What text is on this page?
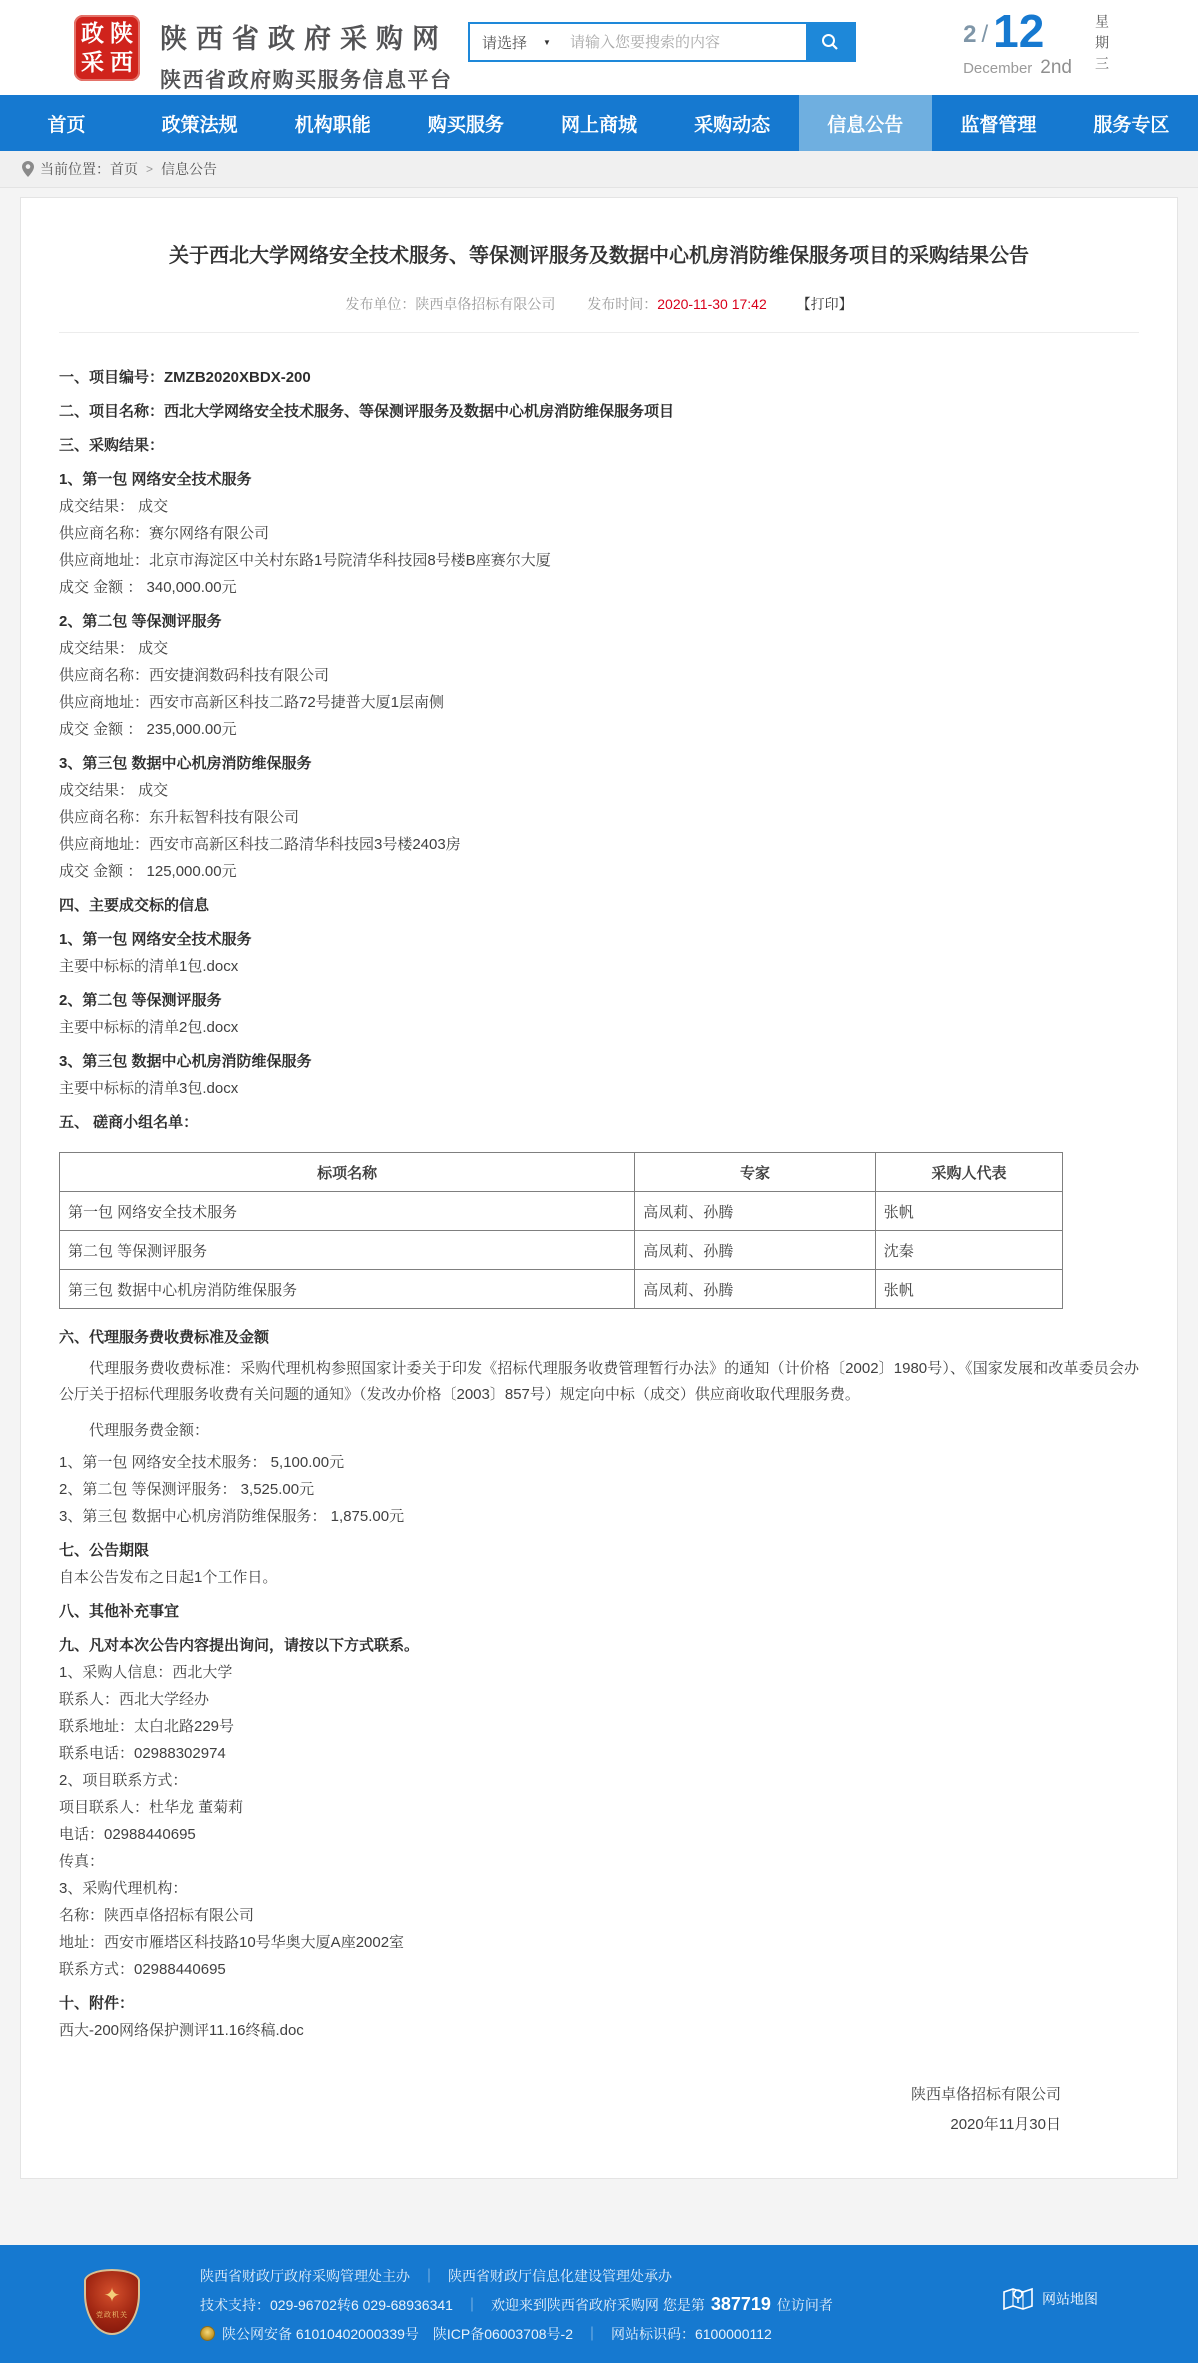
政 陕
采 西
陕西省政府采购网
陕西省政府购买服务信息平台
请选择 ▼
请输入您要搜索的内容	2 / 12
December 2nd 星期三
首页	政策法规	机构职能	购买服务	网上商城	采购动态	信息公告	监督管理	服务专区
当前位置： 首页 > 信息公告
关于西北大学网络安全技术服务、等保测评服务及数据中心机房消防维保服务项目的采购结果公告
发布单位：陕西卓佫招标有限公司 发布时间：2020-11-30 17:42 【打印】

一、项目编号：ZMZB2020XBDX-200

二、项目名称：西北大学网络安全技术服务、等保测评服务及数据中心机房消防维保服务项目

三、采购结果：

1、第一包 网络安全技术服务

成交结果： 成交

供应商名称：赛尔网络有限公司

供应商地址：北京市海淀区中关村东路1号院清华科技园8号楼B座赛尔大厦

成交 金额 ： 340,000.00元

2、第二包 等保测评服务

成交结果： 成交

供应商名称：西安捷润数码科技有限公司

供应商地址：西安市高新区科技二路72号捷普大厦1层南侧

成交 金额 ： 235,000.00元

3、第三包 数据中心机房消防维保服务

成交结果： 成交

供应商名称：东升耘智科技有限公司

供应商地址：西安市高新区科技二路清华科技园3号楼2403房

成交 金额 ： 125,000.00元

四、主要成交标的信息

1、第一包 网络安全技术服务

主要中标标的清单1包.docx

2、第二包 等保测评服务

主要中标标的清单2包.docx

3、第三包 数据中心机房消防维保服务

主要中标标的清单3包.docx

五、 磋商小组名单：

标项名称	专家	采购人代表
第一包 网络安全技术服务	高凤莉、孙腾	张帆
第二包 等保测评服务	高凤莉、孙腾	沈秦
第三包 数据中心机房消防维保服务	高凤莉、孙腾	张帆

六、代理服务费收费标准及金额

代理服务费收费标准：采购代理机构参照国家计委关于印发《招标代理服务收费管理暂行办法》的通知（计价格〔2002〕1980号）、《国家发展和改革委员会办公厅关于招标代理服务收费有关问题的通知》（发改办价格〔2003〕857号）规定向中标（成交）供应商收取代理服务费。

代理服务费金额：

1、第一包 网络安全技术服务： 5,100.00元

2、第二包 等保测评服务： 3,525.00元

3、第三包 数据中心机房消防维保服务： 1,875.00元

七、公告期限

自本公告发布之日起1个工作日。

八、其他补充事宜

九、凡对本次公告内容提出询问，请按以下方式联系。

1、采购人信息：西北大学

联系人：西北大学经办

联系地址：太白北路229号

联系电话：02988302974

2、项目联系方式：

项目联系人：杜华龙 董菊莉

电话：02988440695

传真：

3、采购代理机构：

名称：陕西卓佫招标有限公司

地址：西安市雁塔区科技路10号华奥大厦A座2002室

联系方式：02988440695

十、附件：

西大-200网络保护测评11.16终稿.doc

陕西卓佫招标有限公司
2020年11月30日
✦
党政机关
陕西省财政厅政府采购管理处主办 ｜ 陕西省财政厅信息化建设管理处承办
技术支持：029-96702转6 029-68936341 ｜ 欢迎来到陕西省政府采购网 您是第 387719 位访问者
陕公网安备 61010402000339号 陕ICP备06003708号-2 ｜ 网站标识码：6100000112
网站地图
